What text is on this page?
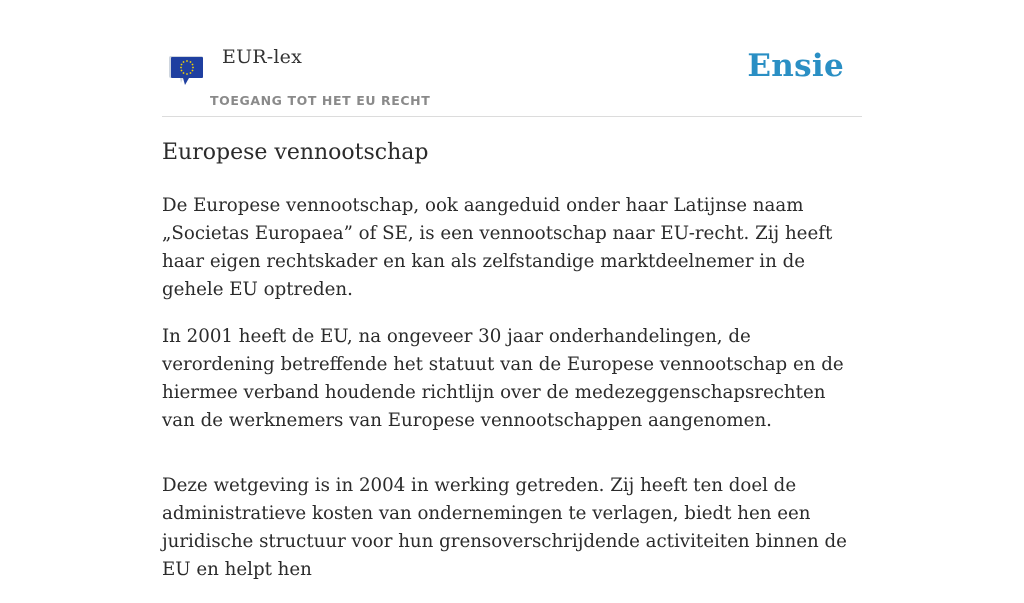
EUR-lex
TOEGANG TOT HET EU RECHT
Ensie
Europese vennootschap

De Europese vennootschap, ook aangeduid onder haar Latijnse naam „Societas Europaea” of SE, is een vennootschap naar EU-recht. Zij heeft haar eigen rechtskader en kan als zelfstandige marktdeelnemer in de gehele EU optreden.

In 2001 heeft de EU, na ongeveer 30 jaar onderhandelingen, de verordening betreffende het statuut van de Europese vennootschap en de hiermee verband houdende richtlijn over de medezeggenschapsrechten van de werknemers van Europese vennootschappen aangenomen.

Deze wetgeving is in 2004 in werking getreden. Zij heeft ten doel de administratieve kosten van ondernemingen te verlagen, biedt hen een juridische structuur voor hun grensoverschrijdende activiteiten binnen de EU en helpt hen
